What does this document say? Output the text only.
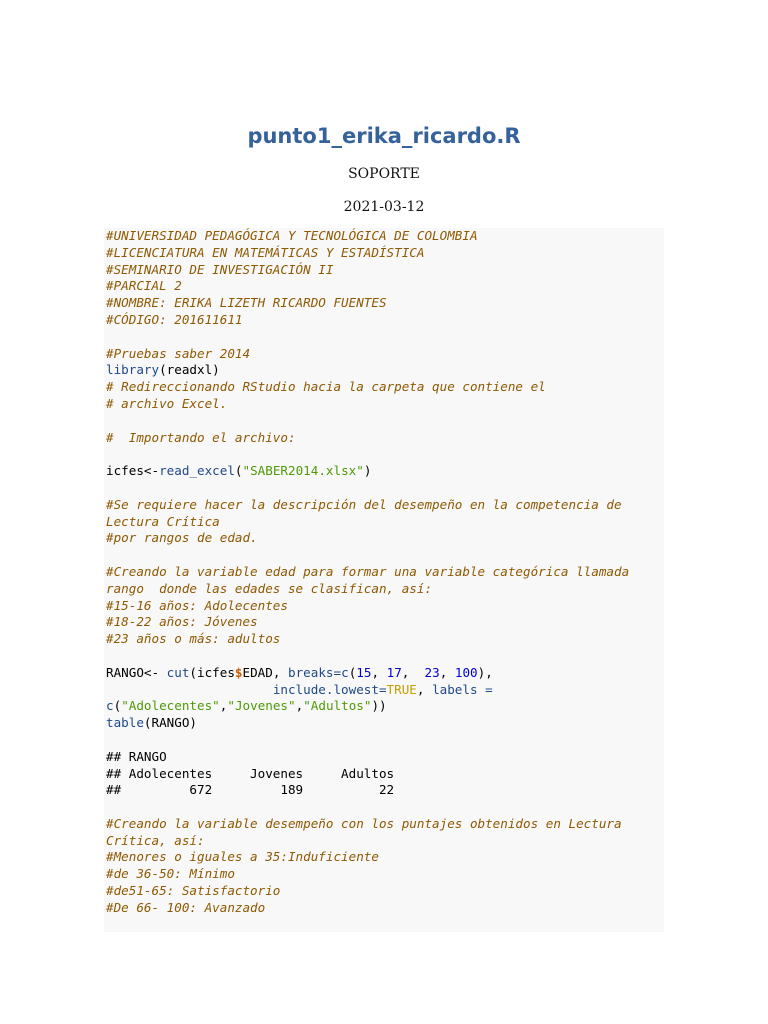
punto1_erika_ricardo.R
SOPORTE
2021-03-12
#UNIVERSIDAD PEDAGÓGICA Y TECNOLÓGICA DE COLOMBIA
#LICENCIATURA EN MATEMÁTICAS Y ESTADÍSTICA
#SEMINARIO DE INVESTIGACIÓN II
#PARCIAL 2
#NOMBRE: ERIKA LIZETH RICARDO FUENTES
#CÓDIGO: 201611611
#Pruebas saber 2014
library(readxl)
# Redireccionando RStudio hacia la carpeta que contiene el
# archivo Excel.
#  Importando el archivo:
icfes<-read_excel("SABER2014.xlsx")
#Se requiere hacer la descripción del desempeño en la competencia de
Lectura Crítica
#por rangos de edad.
#Creando la variable edad para formar una variable categórica llamada
rango  donde las edades se clasifican, así:
#15-16 años: Adolecentes
#18-22 años: Jóvenes
#23 años o más: adultos
RANGO<- cut(icfes$EDAD, breaks=c(15, 17,  23, 100),
include.lowest=TRUE, labels =
c("Adolecentes","Jovenes","Adultos"))
table(RANGO)
## RANGO
## Adolecentes     Jovenes     Adultos
##         672         189          22
#Creando la variable desempeño con los puntajes obtenidos en Lectura
Crítica, así:
#Menores o iguales a 35:Induficiente
#de 36-50: Mínimo
#de51-65: Satisfactorio
#De 66- 100: Avanzado
